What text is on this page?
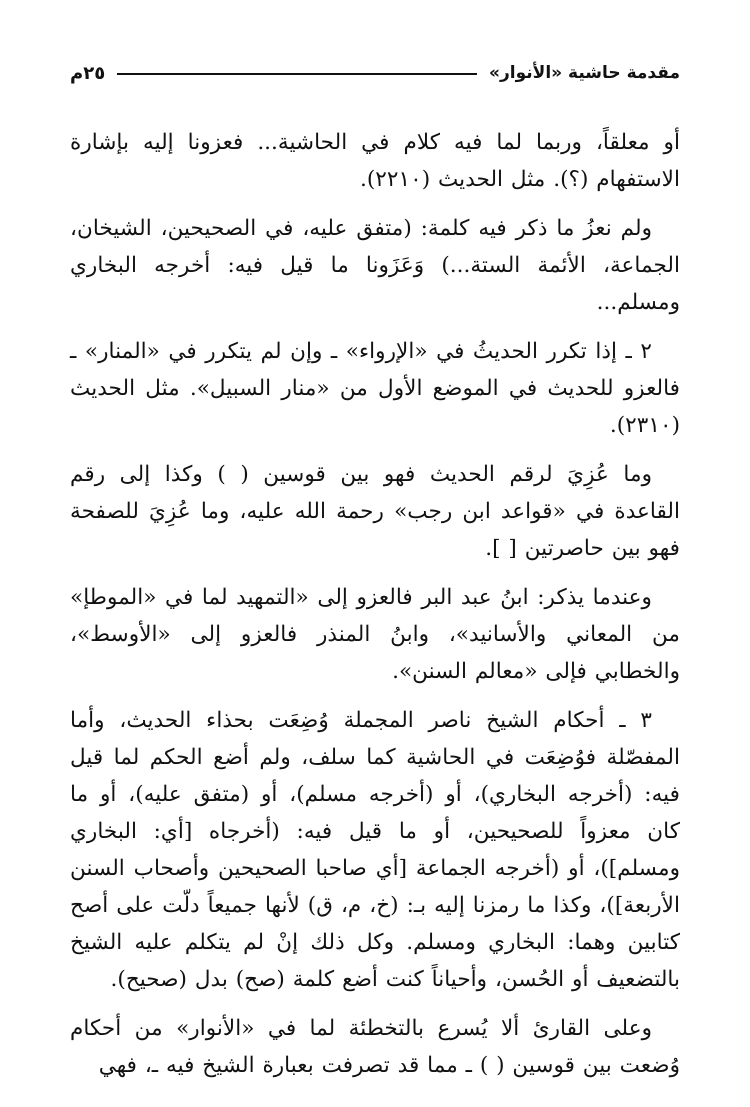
مقدمة حاشية «الأنوار»
٢٥م

أو معلقاً، وربما لما فيه كلام في الحاشية... فعزونا إليه بإشارة الاستفهام (؟). مثل الحديث (٢٢١٠).

ولم نعزُ ما ذكر فيه كلمة: (متفق عليه، في الصحيحين، الشيخان، الجماعة، الأئمة الستة...) وَعَزَونا ما قيل فيه: أخرجه البخاري ومسلم...

٢ ـ إذا تكرر الحديثُ في «الإرواء» ـ وإن لم يتكرر في «المنار» ـ فالعزو للحديث في الموضع الأول من «منار السبيل». مثل الحديث (٢٣١٠).

وما عُزِيَ لرقم الحديث فهو بين قوسين ( ) وكذا إلى رقم القاعدة في «قواعد ابن رجب» رحمة الله عليه، وما عُزِيَ للصفحة فهو بين حاصرتين [ ].

وعندما يذكر: ابنُ عبد البر فالعزو إلى «التمهيد لما في «الموطإ» من المعاني والأسانيد»، وابنُ المنذر فالعزو إلى «الأوسط»، والخطابي فإلى «معالم السنن».

٣ ـ أحكام الشيخ ناصر المجملة وُضِعَت بحذاء الحديث، وأما المفصّلة فوُضِعَت في الحاشية كما سلف، ولم أضع الحكم لما قيل فيه: (أخرجه البخاري)، أو (أخرجه مسلم)، أو (متفق عليه)، أو ما كان معزواً للصحيحين، أو ما قيل فيه: (أخرجاه [أي: البخاري ومسلم])، أو (أخرجه الجماعة [أي صاحبا الصحيحين وأصحاب السنن الأربعة])، وكذا ما رمزنا إليه بـ: (خ، م، ق) لأنها جميعاً دلّت على أصح كتابين وهما: البخاري ومسلم. وكل ذلك إنْ لم يتكلم عليه الشيخ بالتضعيف أو الحُسن، وأحياناً كنت أضع كلمة (صح) بدل (صحيح).

وعلى القارئ ألا يُسرع بالتخطئة لما في «الأنوار» من أحكام وُضعت بين قوسين ( ) ـ مما قد تصرفت بعبارة الشيخ فيه ـ، فهي
